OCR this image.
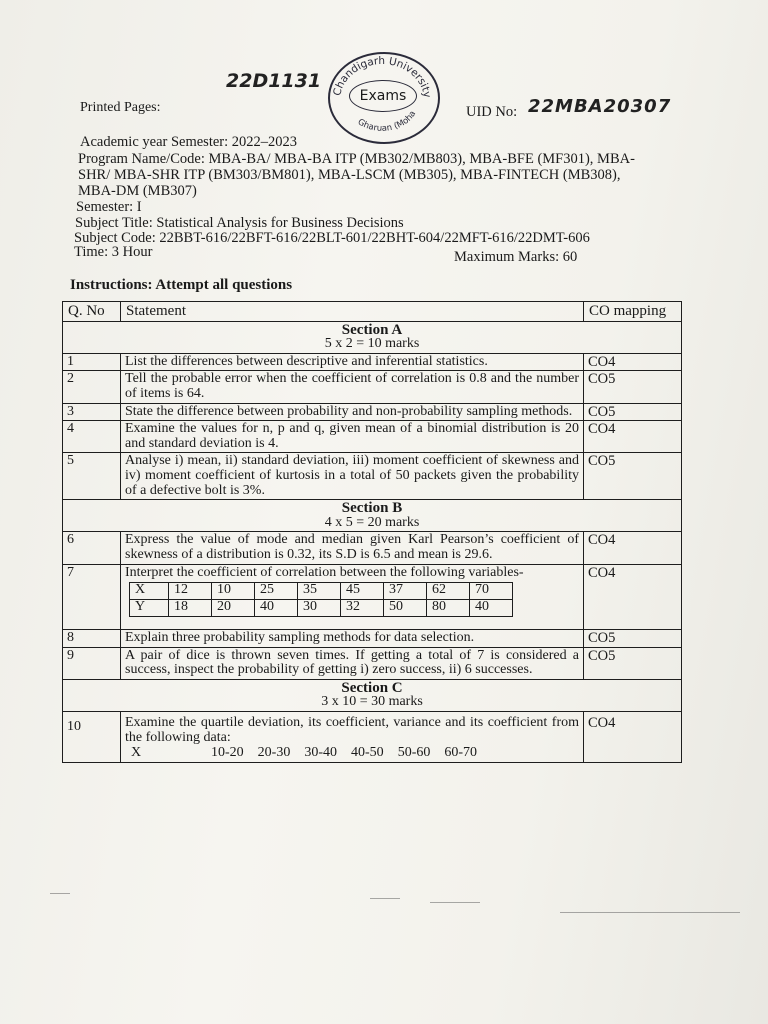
22D1131
Chandigarh University
Gharuan (Moha
Exams
Printed Pages:	UID No: 22MBA20307
Academic year Semester: 2022–2023
Program Name/Code: MBA-BA/ MBA-BA ITP (MB302/MB803), MBA-BFE (MF301), MBA-
SHR/ MBA-SHR ITP (BM303/BM801), MBA-LSCM (MB305), MBA-FINTECH (MB308),
MBA-DM (MB307)
Semester: I
Subject Title: Statistical Analysis for Business Decisions
Subject Code: 22BBT-616/22BFT-616/22BLT-601/22BHT-604/22MFT-616/22DMT-606
Time: 3 Hour	Maximum Marks: 60
Instructions: Attempt all questions
Q. No	Statement	CO mapping

Section A
5 x 2 = 10 marks

1	List the differences between descriptive and inferential statistics.	CO4
2	Tell the probable error when the coefficient of correlation is 0.8 and the number of items is 64.	CO5
3	State the difference between probability and non-probability sampling methods.	CO5
4	Examine the values for n, p and q, given mean of a binomial distribution is 20 and standard deviation is 4.	CO4
5	Analyse i) mean, ii) standard deviation, iii) moment coefficient of skewness and iv) moment coefficient of kurtosis in a total of 50 packets given the probability of a defective bolt is 3%.	CO5

Section B
4 x 5 = 20 marks

6	Express the value of mode and median given Karl Pearson’s coefficient of skewness of a distribution is 0.32, its S.D is 6.5 and mean is 29.6.	CO4
7	Interpret the coefficient of correlation between the following variables-
X	12	10	25	35	45	37	62	70
Y	18	20	40	30	32	50	80	40
	CO4
8	Explain three probability sampling methods for data selection.	CO5
9	A pair of dice is thrown seven times. If getting a total of 7 is considered a success, inspect the probability of getting i) zero success, ii) 6 successes.	CO5

Section C
3 x 10 = 30 marks

10	Examine the quartile deviation, its coefficient, variance and its coefficient from the following data:
X	10-20 20-30 30-40 40-50 50-60 60-70
	CO4
